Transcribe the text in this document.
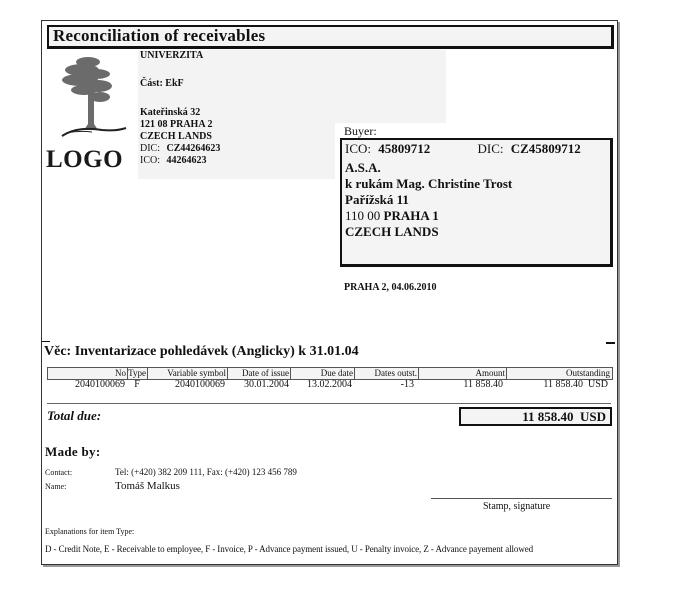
Reconciliation of receivables
LOGO
UNIVERZITA
Část: EkF
Kateřinská 32
121 08 PRAHA 2
CZECH LANDS
DIC: CZ44264623
ICO: 44264623
Buyer:
ICO: 45809712	DIC: CZ45809712
A.S.A.
k rukám Mag. Christine Trost
Pařížská 11
110 00 PRAHA 1
CZECH LANDS
PRAHA 2, 04.06.2010
Věc: Inventarizace pohledávek (Anglicky) k 31.01.04
No Type	Variable symbol	Date of issue	Due date	Dates outst.	Amount	Outstanding
2040100069 F	2040100069	30.01.2004	13.02.2004	-13	11 858.40	11 858.40  USD
Total due:	11 858.40  USD
Made by:
Contact:	Tel: (+420) 382 209 111, Fax: (+420) 123 456 789
Name:	Tomáš Malkus
Stamp, signature
Explanations for item Type:
D - Credit Note, E - Receivable to employee, F - Invoice, P - Advance payment issued, U - Penalty invoice, Z - Advance payement allowed
